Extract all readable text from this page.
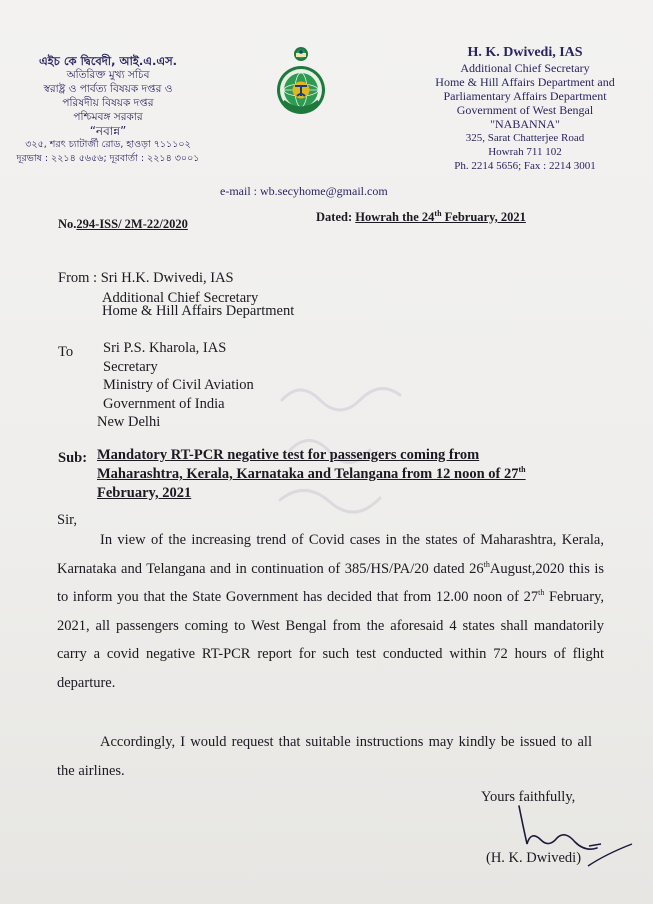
এইচ কে দ্বিবেদী, আই.এ.এস.
অতিরিক্ত মুখ্য সচিব
স্বরাষ্ট্র ও পার্বত্য বিষয়ক দপ্তর ও
পরিষদীয় বিষয়ক দপ্তর
পশ্চিমবঙ্গ সরকার
“নবান্ন”
৩২৫, শরৎ চ্যাটার্জী রোড, হাওড়া ৭১১১০২
দূরভাষ : ২২১৪ ৫৬৫৬; দূরবার্তা : ২২১৪ ৩০০১
H. K. Dwivedi, IAS
Additional Chief Secretary
Home & Hill Affairs Department and
Parliamentary Affairs Department
Government of West Bengal
"NABANNA"
325, Sarat Chatterjee Road
Howrah 711 102
Ph. 2214 5656; Fax : 2214 3001
e-mail : wb.secyhome@gmail.com
No.294-ISS/ 2M-22/2020	Dated: Howrah the 24th February, 2021
From : Sri H.K. Dwivedi, IAS
Additional Chief Secretary
Home & Hill Affairs Department
To Sri P.S. Kharola, IAS
Secretary
Ministry of Civil Aviation
Government of India
New Delhi
Sub: Mandatory RT-PCR negative test for passengers coming from Maharashtra, Kerala, Karnataka and Telangana from 12 noon of 27th February, 2021
Sir,
In view of the increasing trend of Covid cases in the states of Maharashtra, Kerala, Karnataka and Telangana and in continuation of 385/HS/PA/20 dated 26thAugust,2020 this is to inform you that the State Government has decided that from 12.00 noon of 27th February, 2021, all passengers coming to West Bengal from the aforesaid 4 states shall mandatorily carry a covid negative RT-PCR report for such test conducted within 72 hours of flight departure.
Accordingly, I would request that suitable instructions may kindly be issued to all the airlines.
Yours faithfully,
(H. K. Dwivedi)
